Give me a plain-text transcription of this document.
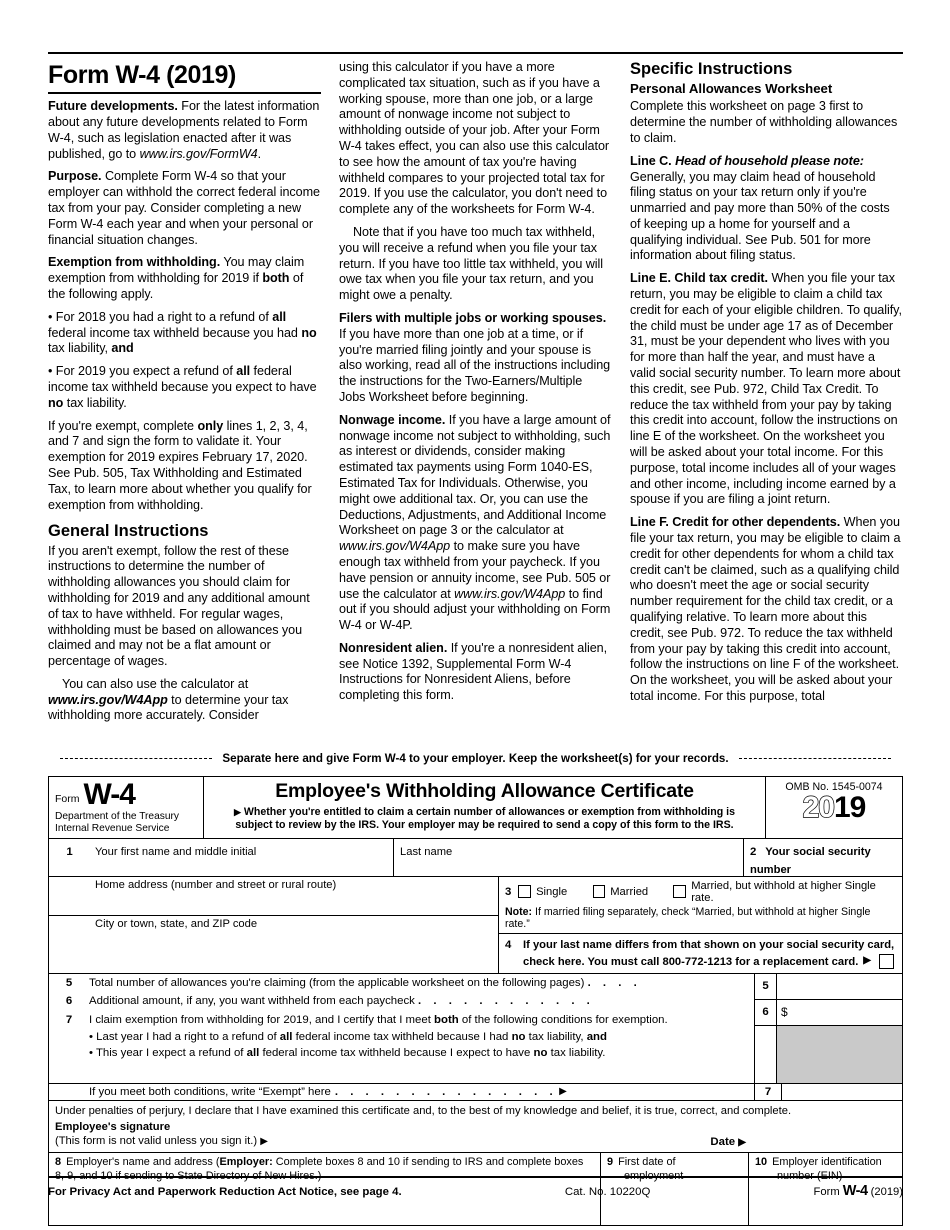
Form W-4 (2019)

Future developments. For the latest information about any future developments related to Form W-4, such as legislation enacted after it was published, go to www.irs.gov/FormW4.

Purpose. Complete Form W-4 so that your employer can withhold the correct federal income tax from your pay. Consider completing a new Form W-4 each year and when your personal or financial situation changes.

Exemption from withholding. You may claim exemption from withholding for 2019 if both of the following apply.

• For 2018 you had a right to a refund of all federal income tax withheld because you had no tax liability, and

• For 2019 you expect a refund of all federal income tax withheld because you expect to have no tax liability.

If you're exempt, complete only lines 1, 2, 3, 4, and 7 and sign the form to validate it. Your exemption for 2019 expires February 17, 2020. See Pub. 505, Tax Withholding and Estimated Tax, to learn more about whether you qualify for exemption from withholding.

General Instructions

If you aren't exempt, follow the rest of these instructions to determine the number of withholding allowances you should claim for withholding for 2019 and any additional amount of tax to have withheld. For regular wages, withholding must be based on allowances you claimed and may not be a flat amount or percentage of wages.

You can also use the calculator at www.irs.gov/W4App to determine your tax withholding more accurately. Consider

using this calculator if you have a more complicated tax situation, such as if you have a working spouse, more than one job, or a large amount of nonwage income not subject to withholding outside of your job. After your Form W-4 takes effect, you can also use this calculator to see how the amount of tax you're having withheld compares to your projected total tax for 2019. If you use the calculator, you don't need to complete any of the worksheets for Form W-4.

Note that if you have too much tax withheld, you will receive a refund when you file your tax return. If you have too little tax withheld, you will owe tax when you file your tax return, and you might owe a penalty.

Filers with multiple jobs or working spouses. If you have more than one job at a time, or if you're married filing jointly and your spouse is also working, read all of the instructions including the instructions for the Two-Earners/Multiple Jobs Worksheet before beginning.

Nonwage income. If you have a large amount of nonwage income not subject to withholding, such as interest or dividends, consider making estimated tax payments using Form 1040-ES, Estimated Tax for Individuals. Otherwise, you might owe additional tax. Or, you can use the Deductions, Adjustments, and Additional Income Worksheet on page 3 or the calculator at www.irs.gov/W4App to make sure you have enough tax withheld from your paycheck. If you have pension or annuity income, see Pub. 505 or use the calculator at www.irs.gov/W4App to find out if you should adjust your withholding on Form W-4 or W-4P.

Nonresident alien. If you're a nonresident alien, see Notice 1392, Supplemental Form W-4 Instructions for Nonresident Aliens, before completing this form.

Specific Instructions
Personal Allowances Worksheet

Complete this worksheet on page 3 first to determine the number of withholding allowances to claim.

Line C. Head of household please note: Generally, you may claim head of household filing status on your tax return only if you're unmarried and pay more than 50% of the costs of keeping up a home for yourself and a qualifying individual. See Pub. 501 for more information about filing status.

Line E. Child tax credit. When you file your tax return, you may be eligible to claim a child tax credit for each of your eligible children. To qualify, the child must be under age 17 as of December 31, must be your dependent who lives with you for more than half the year, and must have a valid social security number. To learn more about this credit, see Pub. 972, Child Tax Credit. To reduce the tax withheld from your pay by taking this credit into account, follow the instructions on line E of the worksheet. On the worksheet you will be asked about your total income. For this purpose, total income includes all of your wages and other income, including income earned by a spouse if you are filing a joint return.

Line F. Credit for other dependents. When you file your tax return, you may be eligible to claim a credit for other dependents for whom a child tax credit can't be claimed, such as a qualifying child who doesn't meet the age or social security number requirement for the child tax credit, or a qualifying relative. To learn more about this credit, see Pub. 972. To reduce the tax withheld from your pay by taking this credit into account, follow the instructions on line F of the worksheet. On the worksheet, you will be asked about your total income. For this purpose, total

Separate here and give Form W-4 to your employer. Keep the worksheet(s) for your records.
Form W-4
Department of the Treasury
Internal Revenue Service
Employee's Withholding Allowance Certificate
▶ Whether you're entitled to claim a certain number of allowances or exemption from withholding is
subject to review by the IRS. Your employer may be required to send a copy of this form to the IRS.
OMB No. 1545-0074
2019
1	Your first name and middle initial	Last name	2 Your social security number
Home address (number and street or rural route)
City or town, state, and ZIP code
3 Single	Married	Married, but withhold at higher Single rate.
Note: If married filing separately, check “Married, but withhold at higher Single rate.”
4	If your last name differs from that shown on your social security card,
check here. You must call 800-772-1213 for a replacement card. ▶
5	Total number of allowances you're claiming (from the applicable worksheet on the following pages) . . . .
6	Additional amount, if any, you want withheld from each paycheck . . . . . . . . . . . .
7	I claim exemption from withholding for 2019, and I certify that I meet both of the following conditions for exemption.
• Last year I had a right to a refund of all federal income tax withheld because I had no tax liability, and
• This year I expect a refund of all federal income tax withheld because I expect to have no tax liability.
5
6	$
If you meet both conditions, write “Exempt” here . . . . . . . . . . . . . . . ▶	7
Under penalties of perjury, I declare that I have examined this certificate and, to the best of my knowledge and belief, it is true, correct, and complete.
Employee's signature
(This form is not valid unless you sign it.) ▶	Date ▶
8 Employer's name and address (Employer: Complete boxes 8 and 10 if sending to IRS and complete boxes 8, 9, and 10 if sending to State Directory of New Hires.)
9 First date of
employment
10 Employer identification
number (EIN)
For Privacy Act and Paperwork Reduction Act Notice, see page 4.	Cat. No. 10220Q	Form W-4 (2019)
